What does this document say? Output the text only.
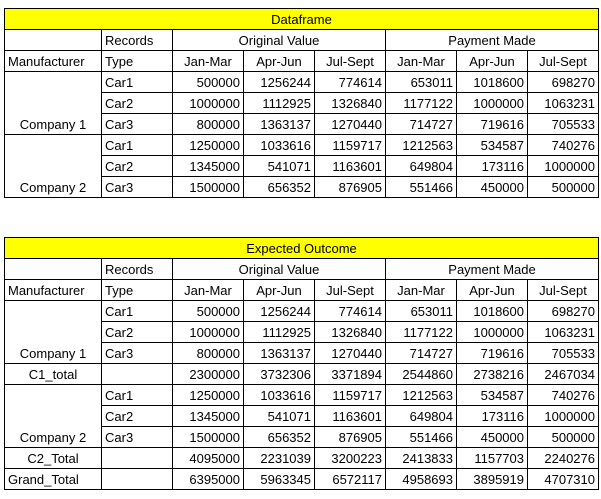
Dataframe							
	Records	Original Value			Payment Made		
Manufacturer	Type	Jan-Mar	Apr-Jun	Jul-Sept	Jan-Mar	Apr-Jun	Jul-Sept
Company 1	Car1	500000	1256244	774614	653011	1018600	698270
	Car2	1000000	1112925	1326840	1177122	1000000	1063231
	Car3	800000	1363137	1270440	714727	719616	705533
Company 2	Car1	1250000	1033616	1159717	1212563	534587	740276
	Car2	1345000	541071	1163601	649804	173116	1000000
	Car3	1500000	656352	876905	551466	450000	500000
Expected Outcome							
	Records	Original Value			Payment Made		
Manufacturer	Type	Jan-Mar	Apr-Jun	Jul-Sept	Jan-Mar	Apr-Jun	Jul-Sept
Company 1	Car1	500000	1256244	774614	653011	1018600	698270
	Car2	1000000	1112925	1326840	1177122	1000000	1063231
	Car3	800000	1363137	1270440	714727	719616	705533
C1_total		2300000	3732306	3371894	2544860	2738216	2467034
Company 2	Car1	1250000	1033616	1159717	1212563	534587	740276
	Car2	1345000	541071	1163601	649804	173116	1000000
	Car3	1500000	656352	876905	551466	450000	500000
C2_Total		4095000	2231039	3200223	2413833	1157703	2240276
Grand_Total		6395000	5963345	6572117	4958693	3895919	4707310
